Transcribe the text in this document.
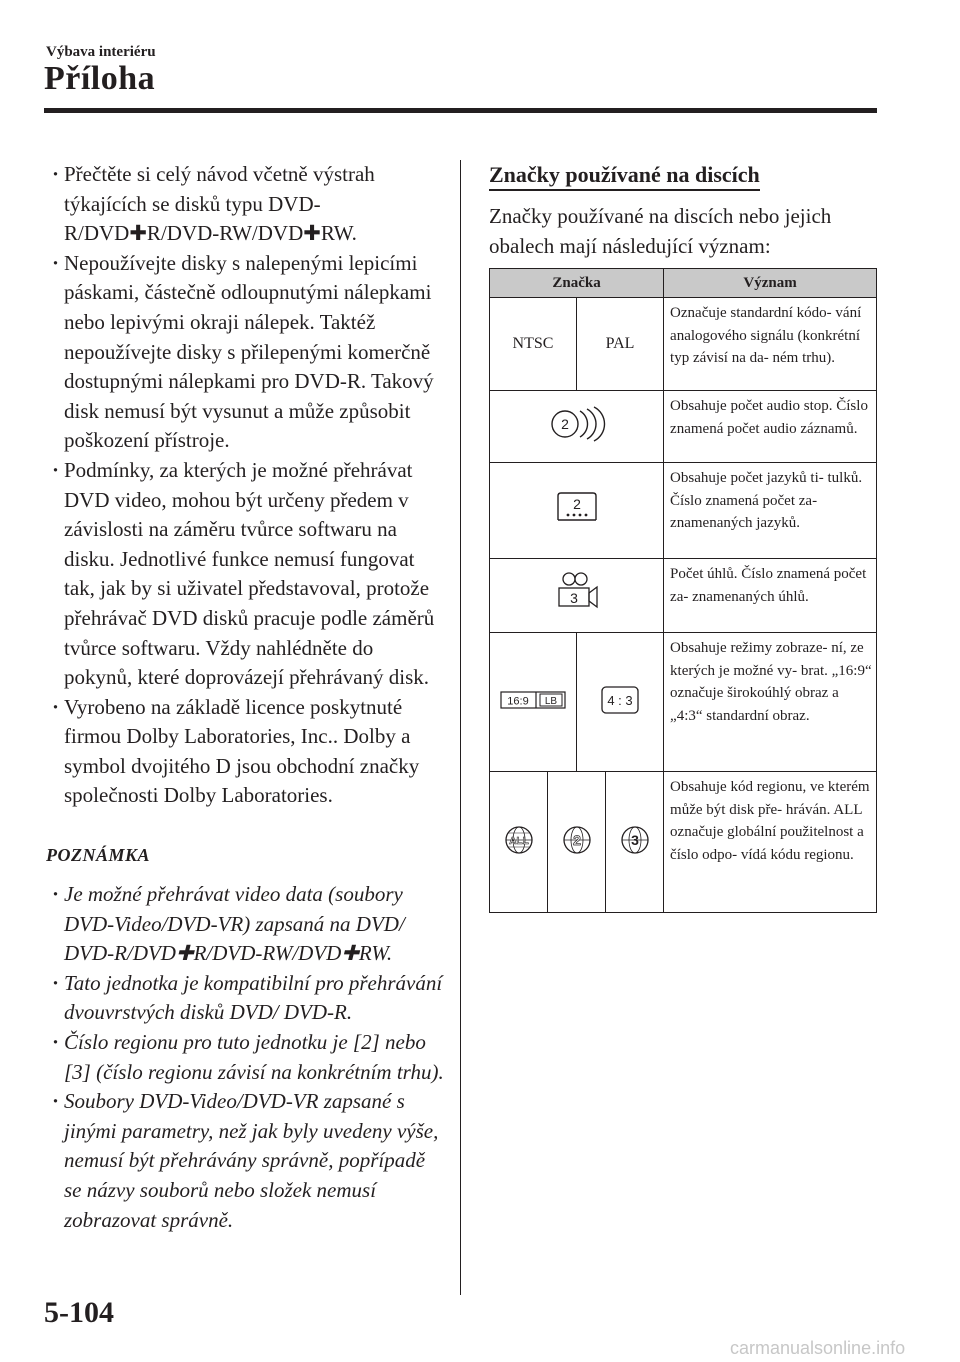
Výbava interiéru
Příloha
· Přečtěte si celý návod včetně výstrah týkajících se disků typu DVD-R/DVD✚R/DVD-RW/DVD✚RW.
· Nepoužívejte disky s nalepenými lepicími páskami, částečně odloupnutými nálepkami nebo lepivými okraji nálepek. Taktéž nepoužívejte disky s přilepenými komerčně dostupnými nálepkami pro DVD-R. Takový disk nemusí být vysunut a může způsobit poškození přístroje.
· Podmínky, za kterých je možné přehrávat DVD video, mohou být určeny předem v závislosti na záměru tvůrce softwaru na disku. Jednotlivé funkce nemusí fungovat tak, jak by si uživatel představoval, protože přehrávač DVD disků pracuje podle záměrů tvůrce softwaru. Vždy nahlédněte do pokynů, které doprovázejí přehrávaný disk.
· Vyrobeno na základě licence poskytnuté firmou Dolby Laboratories, Inc.. Dolby a symbol dvojitého D jsou obchodní značky společnosti Dolby Laboratories.
POZNÁMKA
· Je možné přehrávat video data (soubory DVD-Video/DVD-VR) zapsaná na DVD/ DVD-R/DVD✚R/DVD-RW/DVD✚RW.
· Tato jednotka je kompatibilní pro přehrávání dvouvrstvých disků DVD/ DVD-R.
· Číslo regionu pro tuto jednotku je [2] nebo [3] (číslo regionu závisí na konkrétním trhu).
· Soubory DVD-Video/DVD-VR zapsané s jinými parametry, než jak byly uvedeny výše, nemusí být přehrávány správně, popřípadě se názvy souborů nebo složek nemusí zobrazovat správně.
Značky používané na discích
Značky používané na discích nebo jejich obalech mají následující význam:
Značka				Význam
NTSC		PAL		Označuje standardní kódo- vání analogového signálu (konkrétní typ závisí na da- ném trhu).

2				Obsahuje počet audio stop. Číslo znamená počet audio záznamů.

2				Obsahuje počet jazyků ti- tulků. Číslo znamená počet za- znamenaných jazyků.

3				Počet úhlů. Číslo znamená počet za- znamenaných úhlů.

16:9 LB		4 : 3		Obsahuje režimy zobraze- ní, ze kterých je možné vy- brat. „16:9“ označuje širokoúhlý obraz a „4:3“ standardní obraz.

ALL	2		3	Obsahuje kód regionu, ve kterém může být disk pře- hráván. ALL označuje globální použitelnost a číslo odpo- vídá kódu regionu.
5-104
carmanualsonline.info
